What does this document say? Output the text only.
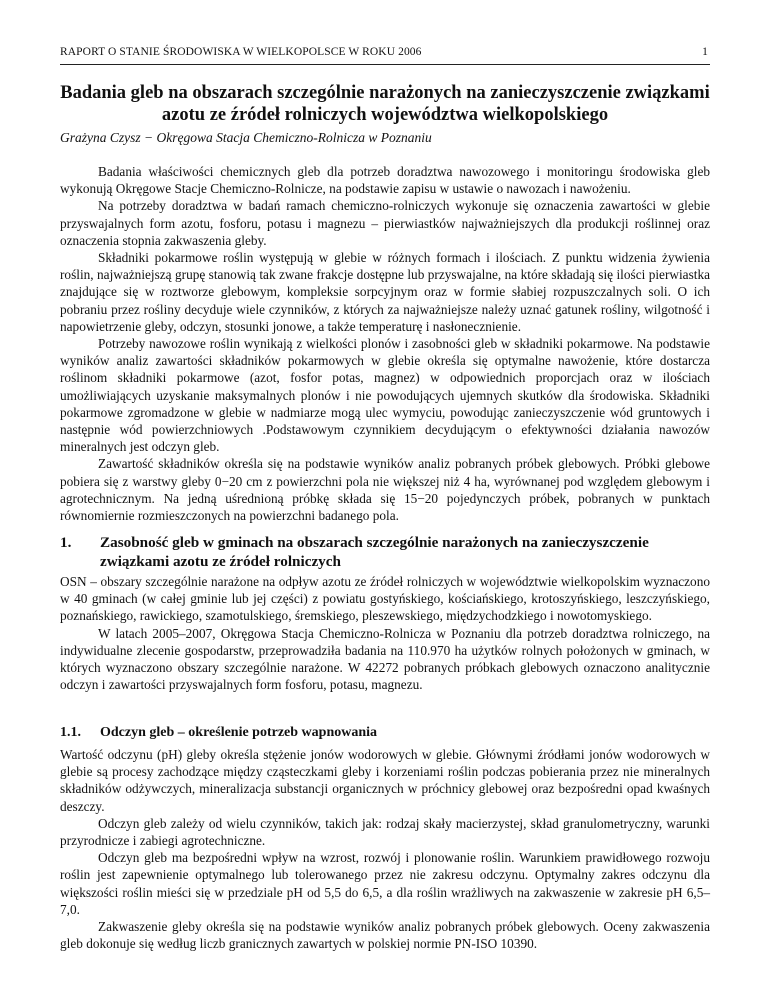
RAPORT O STANIE ŚRODOWISKA W WIELKOPOLSCE W ROKU 2006	1
Badania gleb na obszarach szczególnie narażonych na zanieczyszczenie związkami azotu ze źródeł rolniczych województwa wielkopolskiego
Grażyna Czysz − Okręgowa Stacja Chemiczno-Rolnicza w Poznaniu

Badania właściwości chemicznych gleb dla potrzeb doradztwa nawozowego i monitoringu środowiska gleb wykonują Okręgowe Stacje Chemiczno-Rolnicze, na podstawie zapisu w ustawie o nawozach i nawożeniu.

Na potrzeby doradztwa w badań ramach chemiczno-rolniczych wykonuje się oznaczenia zawartości w glebie przyswajalnych form azotu, fosforu, potasu i magnezu – pierwiastków najważniejszych dla produkcji roślinnej oraz oznaczenia stopnia zakwaszenia gleby.

Składniki pokarmowe roślin występują w glebie w różnych formach i ilościach. Z punktu widzenia żywienia roślin, najważniejszą grupę stanowią tak zwane frakcje dostępne lub przyswajalne, na które składają się ilości pierwiastka znajdujące się w roztworze glebowym, kompleksie sorpcyjnym oraz w formie słabiej rozpuszczalnych soli. O ich pobraniu przez rośliny decyduje wiele czynników, z których za najważniejsze należy uznać gatunek rośliny, wilgotność i napowietrzenie gleby, odczyn, stosunki jonowe, a także temperaturę i nasłonecznienie.

Potrzeby nawozowe roślin wynikają z wielkości plonów i zasobności gleb w składniki pokarmowe. Na podstawie wyników analiz zawartości składników pokarmowych w glebie określa się optymalne nawożenie, które dostarcza roślinom składniki pokarmowe (azot, fosfor potas, magnez) w odpowiednich proporcjach oraz w ilościach umożliwiających uzyskanie maksymalnych plonów i nie powodujących ujemnych skutków dla środowiska. Składniki pokarmowe zgromadzone w glebie w nadmiarze mogą ulec wymyciu, powodując zanieczyszczenie wód gruntowych i następnie wód powierzchniowych .Podstawowym czynnikiem decydującym o efektywności działania nawozów mineralnych jest odczyn gleb.

Zawartość składników określa się na podstawie wyników analiz pobranych próbek glebowych. Próbki glebowe pobiera się z warstwy gleby 0−20 cm z powierzchni pola nie większej niż 4 ha, wyrównanej pod względem glebowym i agrotechnicznym. Na jedną uśrednioną próbkę składa się 15−20 pojedynczych próbek, pobranych w punktach równomiernie rozmieszczonych na powierzchni badanego pola.

1. Zasobność gleb w gminach na obszarach szczególnie narażonych na zanieczyszczenie związkami azotu ze źródeł rolniczych

OSN – obszary szczególnie narażone na odpływ azotu ze źródeł rolniczych w województwie wielkopolskim wyznaczono w 40 gminach (w całej gminie lub jej części) z powiatu gostyńskiego, kościańskiego, krotoszyńskiego, leszczyńskiego, poznańskiego, rawickiego, szamotulskiego, śremskiego, pleszewskiego, międzychodzkiego i nowotomyskiego.

W latach 2005–2007, Okręgowa Stacja Chemiczno-Rolnicza w Poznaniu dla potrzeb doradztwa rolniczego, na indywidualne zlecenie gospodarstw, przeprowadziła badania na 110.970 ha użytków rolnych położonych w gminach, w których wyznaczono obszary szczególnie narażone. W 42272 pobranych próbkach glebowych oznaczono analitycznie odczyn i zawartości przyswajalnych form fosforu, potasu, magnezu.

1.1. Odczyn gleb – określenie potrzeb wapnowania

Wartość odczynu (pH) gleby określa stężenie jonów wodorowych w glebie. Głównymi źródłami jonów wodorowych w glebie są procesy zachodzące między cząsteczkami gleby i korzeniami roślin podczas pobierania przez nie mineralnych składników odżywczych, mineralizacja substancji organicznych w próchnicy glebowej oraz bezpośredni opad kwaśnych deszczy.

Odczyn gleb zależy od wielu czynników, takich jak: rodzaj skały macierzystej, skład granulometryczny, warunki przyrodnicze i zabiegi agrotechniczne.

Odczyn gleb ma bezpośredni wpływ na wzrost, rozwój i plonowanie roślin. Warunkiem prawidłowego rozwoju roślin jest zapewnienie optymalnego lub tolerowanego przez nie zakresu odczynu. Optymalny zakres odczynu dla większości roślin mieści się w przedziale pH od 5,5 do 6,5, a dla roślin wrażliwych na zakwaszenie w zakresie pH 6,5–7,0.

Zakwaszenie gleby określa się na podstawie wyników analiz pobranych próbek glebowych. Oceny zakwaszenia gleb dokonuje się według liczb granicznych zawartych w polskiej normie PN-ISO 10390.
